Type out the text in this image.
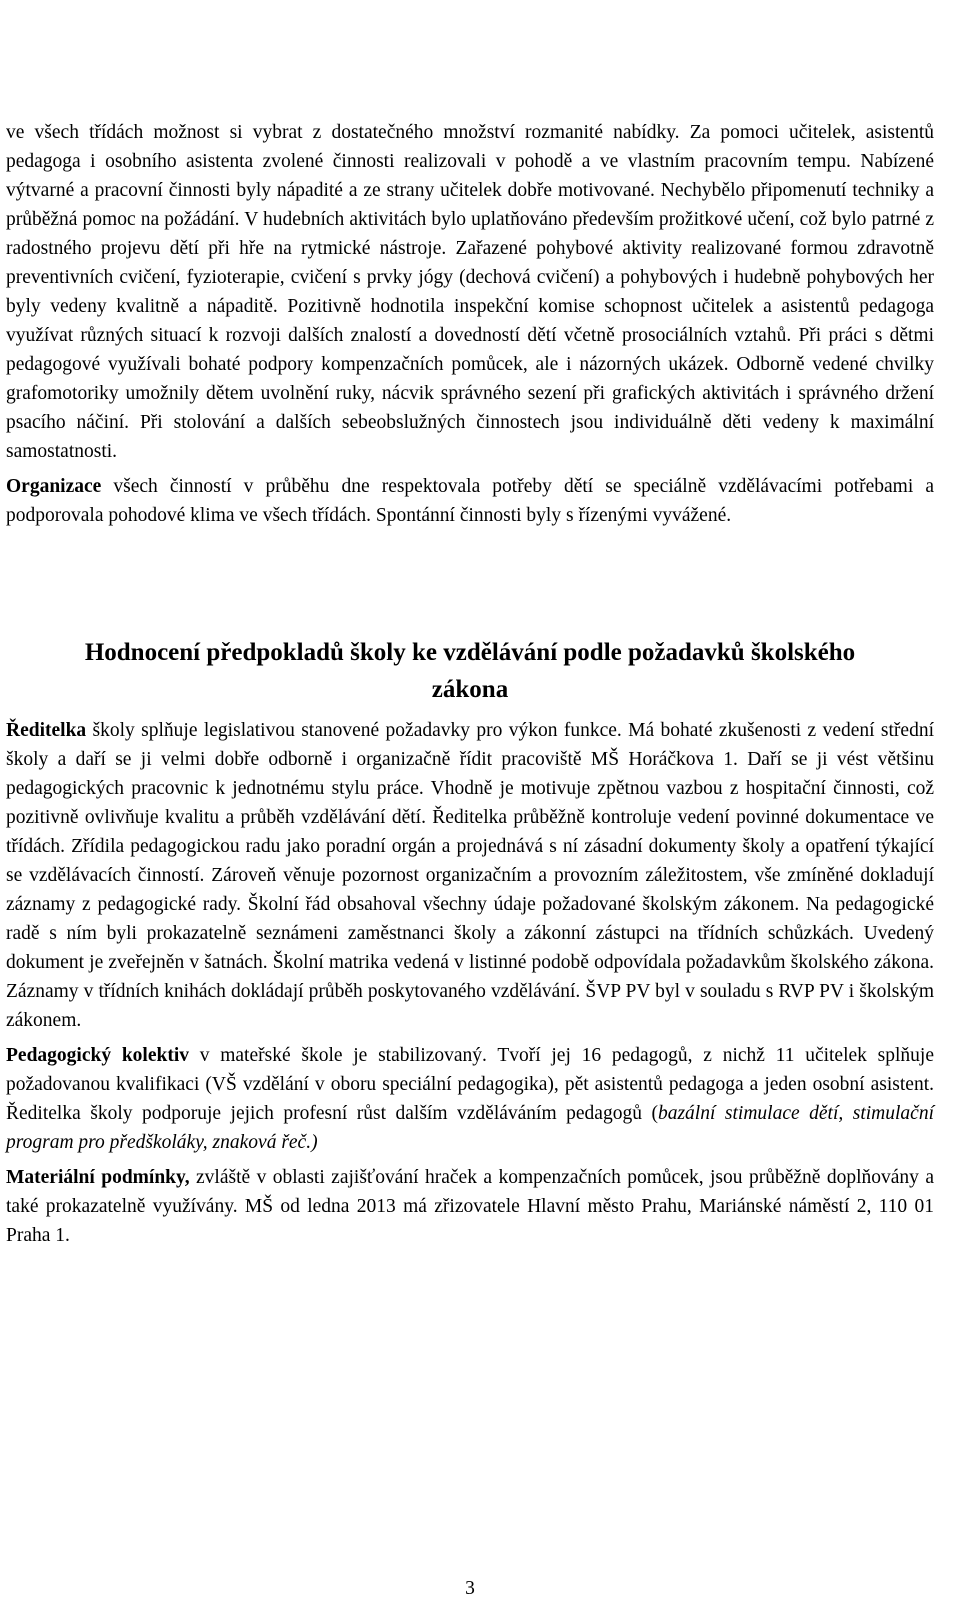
Pražský inspektorát České školní inspekce	Inspekční zpráva
Čj.: ČŠIA-915/13-A

ve všech třídách možnost si vybrat z dostatečného množství rozmanité nabídky. Za pomoci učitelek, asistentů pedagoga i osobního asistenta zvolené činnosti realizovali v pohodě a ve vlastním pracovním tempu. Nabízené výtvarné a pracovní činnosti byly nápadité a ze strany učitelek dobře motivované. Nechybělo připomenutí techniky a průběžná pomoc na požádání. V hudebních aktivitách bylo uplatňováno především prožitkové učení, což bylo patrné z radostného projevu dětí při hře na rytmické nástroje. Zařazené pohybové aktivity realizované formou zdravotně preventivních cvičení, fyzioterapie, cvičení s prvky jógy (dechová cvičení) a pohybových i hudebně pohybových her byly vedeny kvalitně a nápaditě. Pozitivně hodnotila inspekční komise schopnost učitelek a asistentů pedagoga využívat různých situací k rozvoji dalších znalostí a dovedností dětí včetně prosociálních vztahů. Při práci s dětmi pedagogové využívali bohaté podpory kompenzačních pomůcek, ale i názorných ukázek. Odborně vedené chvilky grafomotoriky umožnily dětem uvolnění ruky, nácvik správného sezení při grafických aktivitách i správného držení psacího náčiní. Při stolování a dalších sebeobslužných činnostech jsou individuálně děti vedeny k maximální samostatnosti.

Organizace všech činností v průběhu dne respektovala potřeby dětí se speciálně vzdělávacími potřebami a podporovala pohodové klima ve všech třídách. Spontánní činnosti byly s řízenými vyvážené.

Hodnocení předpokladů školy ke vzdělávání podle požadavků školského zákona

Ředitelka školy splňuje legislativou stanovené požadavky pro výkon funkce. Má bohaté zkušenosti z vedení střední školy a daří se ji velmi dobře odborně i organizačně řídit pracoviště MŠ Horáčkova 1. Daří se ji vést většinu pedagogických pracovnic k jednotnému stylu práce. Vhodně je motivuje zpětnou vazbou z hospitační činnosti, což pozitivně ovlivňuje kvalitu a průběh vzdělávání dětí. Ředitelka průběžně kontroluje vedení povinné dokumentace ve třídách. Zřídila pedagogickou radu jako poradní orgán a projednává s ní zásadní dokumenty školy a opatření týkající se vzdělávacích činností. Zároveň věnuje pozornost organizačním a provozním záležitostem, vše zmíněné dokladují záznamy z pedagogické rady. Školní řád obsahoval všechny údaje požadované školským zákonem. Na pedagogické radě s ním byli prokazatelně seznámeni zaměstnanci školy a zákonní zástupci na třídních schůzkách. Uvedený dokument je zveřejněn v šatnách. Školní matrika vedená v listinné podobě odpovídala požadavkům školského zákona. Záznamy v třídních knihách dokládají průběh poskytovaného vzdělávání. ŠVP PV byl v souladu s RVP PV i školským zákonem.

Pedagogický kolektiv v mateřské škole je stabilizovaný. Tvoří jej 16 pedagogů, z nichž 11 učitelek splňuje požadovanou kvalifikaci (VŠ vzdělání v oboru speciální pedagogika), pět asistentů pedagoga a jeden osobní asistent. Ředitelka školy podporuje jejich profesní růst dalším vzděláváním pedagogů (bazální stimulace dětí, stimulační program pro předškoláky, znaková řeč.)

Materiální podmínky, zvláště v oblasti zajišťování hraček a kompenzačních pomůcek, jsou průběžně doplňovány a také prokazatelně využívány. MŠ od ledna 2013 má zřizovatele Hlavní město Prahu, Mariánské náměstí 2, 110 01 Praha 1.

3
